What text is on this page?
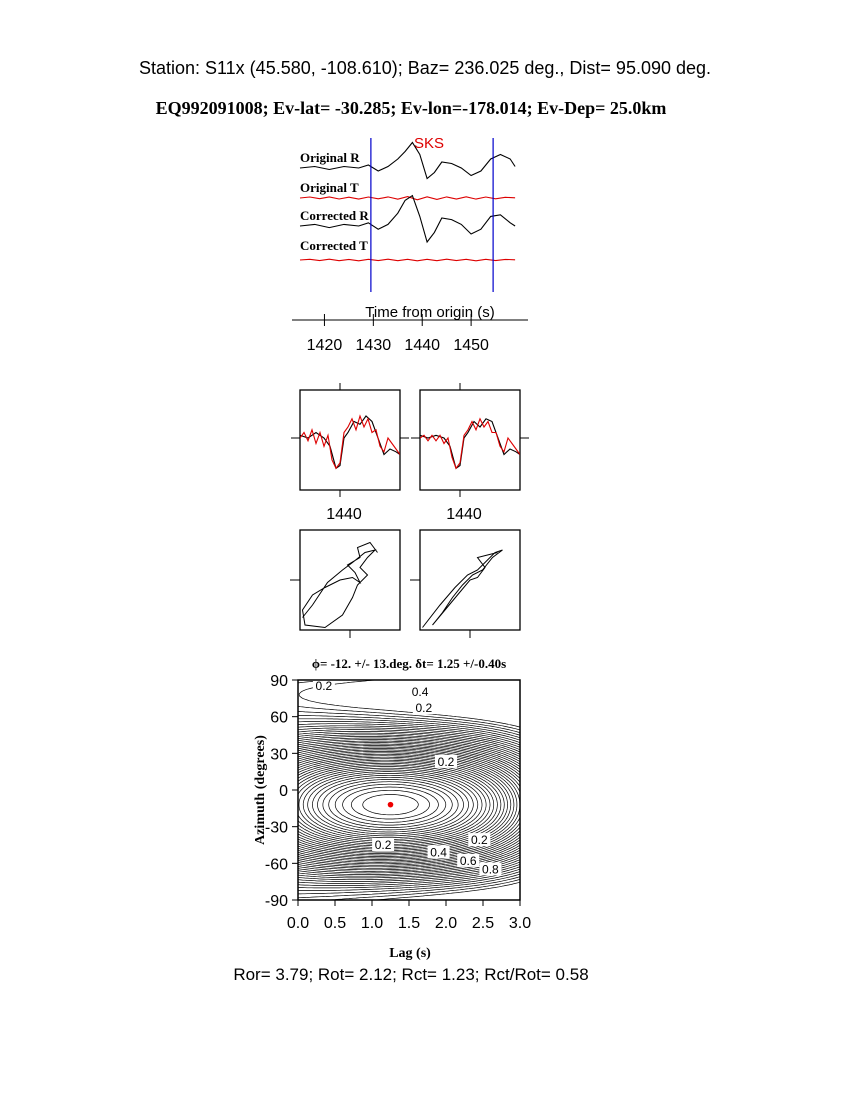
Station: S11x (45.580, -108.610); Baz= 236.025 deg., Dist= 95.090 deg.
EQ992091008; Ev-lat= -30.285; Ev-lon=-178.014; Ev-Dep= 25.0km
Original R
Original T
Corrected R
Corrected T
SKS
Time from origin (s)
1420 1430 1440 1450
1440	1440
ϕ= -12. +/- 13.deg. δt= 1.25 +/-0.40s
0.2	0.4
0.2
0.2
0.2	0.2
0.4
0.6
0.8
0.0 0.5 1.0 1.5 2.0 2.5 3.0
90
60
30
0
-30
-60
-90
Lag (s)
Azimuth (degrees)
Ror= 3.79; Rot= 2.12; Rct= 1.23; Rct/Rot= 0.58
